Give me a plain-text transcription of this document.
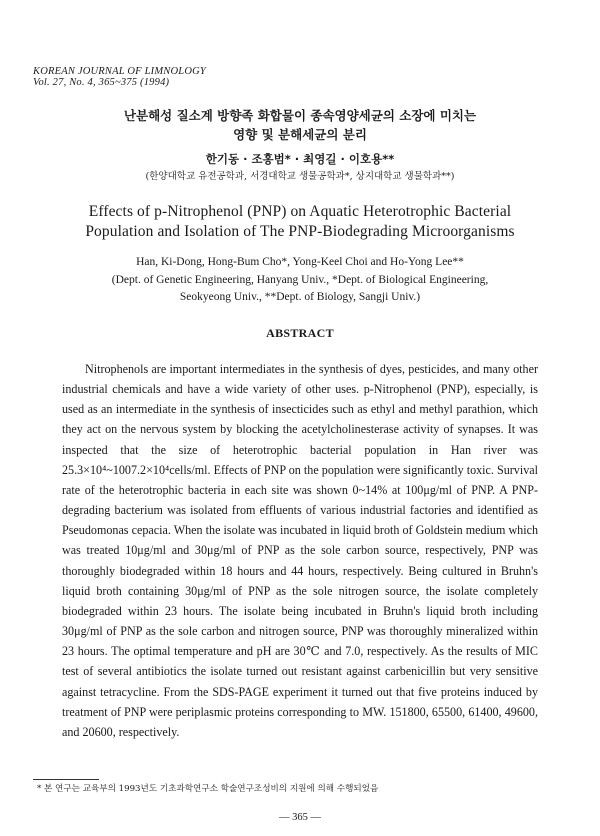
KOREAN JOURNAL OF LIMNOLOGY
Vol. 27, No. 4, 365~375 (1994)
난분해성 질소계 방향족 화합물이 종속영양세균의 소장에 미치는
영향 및 분해세균의 분리
한기동 · 조홍범* · 최영길 · 이호용**
(한양대학교 유전공학과, 서경대학교 생물공학과*, 상지대학교 생물학과**)
Effects of p-Nitrophenol (PNP) on Aquatic Heterotrophic Bacterial
Population and Isolation of The PNP-Biodegrading Microorganisms
Han, Ki-Dong, Hong-Bum Cho*, Yong-Keel Choi and Ho-Yong Lee**
(Dept. of Genetic Engineering, Hanyang Univ., *Dept. of Biological Engineering,
Seokyeong Univ., **Dept. of Biology, Sangji Univ.)
ABSTRACT
Nitrophenols are important intermediates in the synthesis of dyes, pesticides, and many other industrial chemicals and have a wide variety of other uses. p-Nitrophenol (PNP), especially, is used as an intermediate in the synthesis of insecticides such as ethyl and methyl parathion, which they act on the nervous system by blocking the acetylcholinesterase activity of synapses. It was inspected that the size of heterotrophic bacterial population in Han river was 25.3×10⁴~1007.2×10⁴cells/ml. Effects of PNP on the population were significantly toxic. Survival rate of the heterotrophic bacteria in each site was shown 0~14% at 100μg/ml of PNP. A PNP-degrading bacterium was isolated from effluents of various industrial factories and identified as Pseudomonas cepacia. When the isolate was incubated in liquid broth of Goldstein medium which was treated 10μg/ml and 30μg/ml of PNP as the sole carbon source, respectively, PNP was thoroughly biodegraded within 18 hours and 44 hours, respectively. Being cultured in Bruhn's liquid broth containing 30μg/ml of PNP as the sole nitrogen source, the isolate completely biodegraded within 23 hours. The isolate being incubated in Bruhn's liquid broth including 30μg/ml of PNP as the sole carbon and nitrogen source, PNP was thoroughly mineralized within 23 hours. The optimal temperature and pH are 30℃ and 7.0, respectively. As the results of MIC test of several antibiotics the isolate turned out resistant against carbenicillin but very sensitive against tetracycline. From the SDS-PAGE experiment it turned out that five proteins induced by treatment of PNP were periplasmic proteins corresponding to MW. 151800, 65500, 61400, 49600, and 20600, respectively.
* 본 연구는 교육부의 1993년도 기초과학연구소 학술연구조성비의 지원에 의해 수행되었음
— 365 —
